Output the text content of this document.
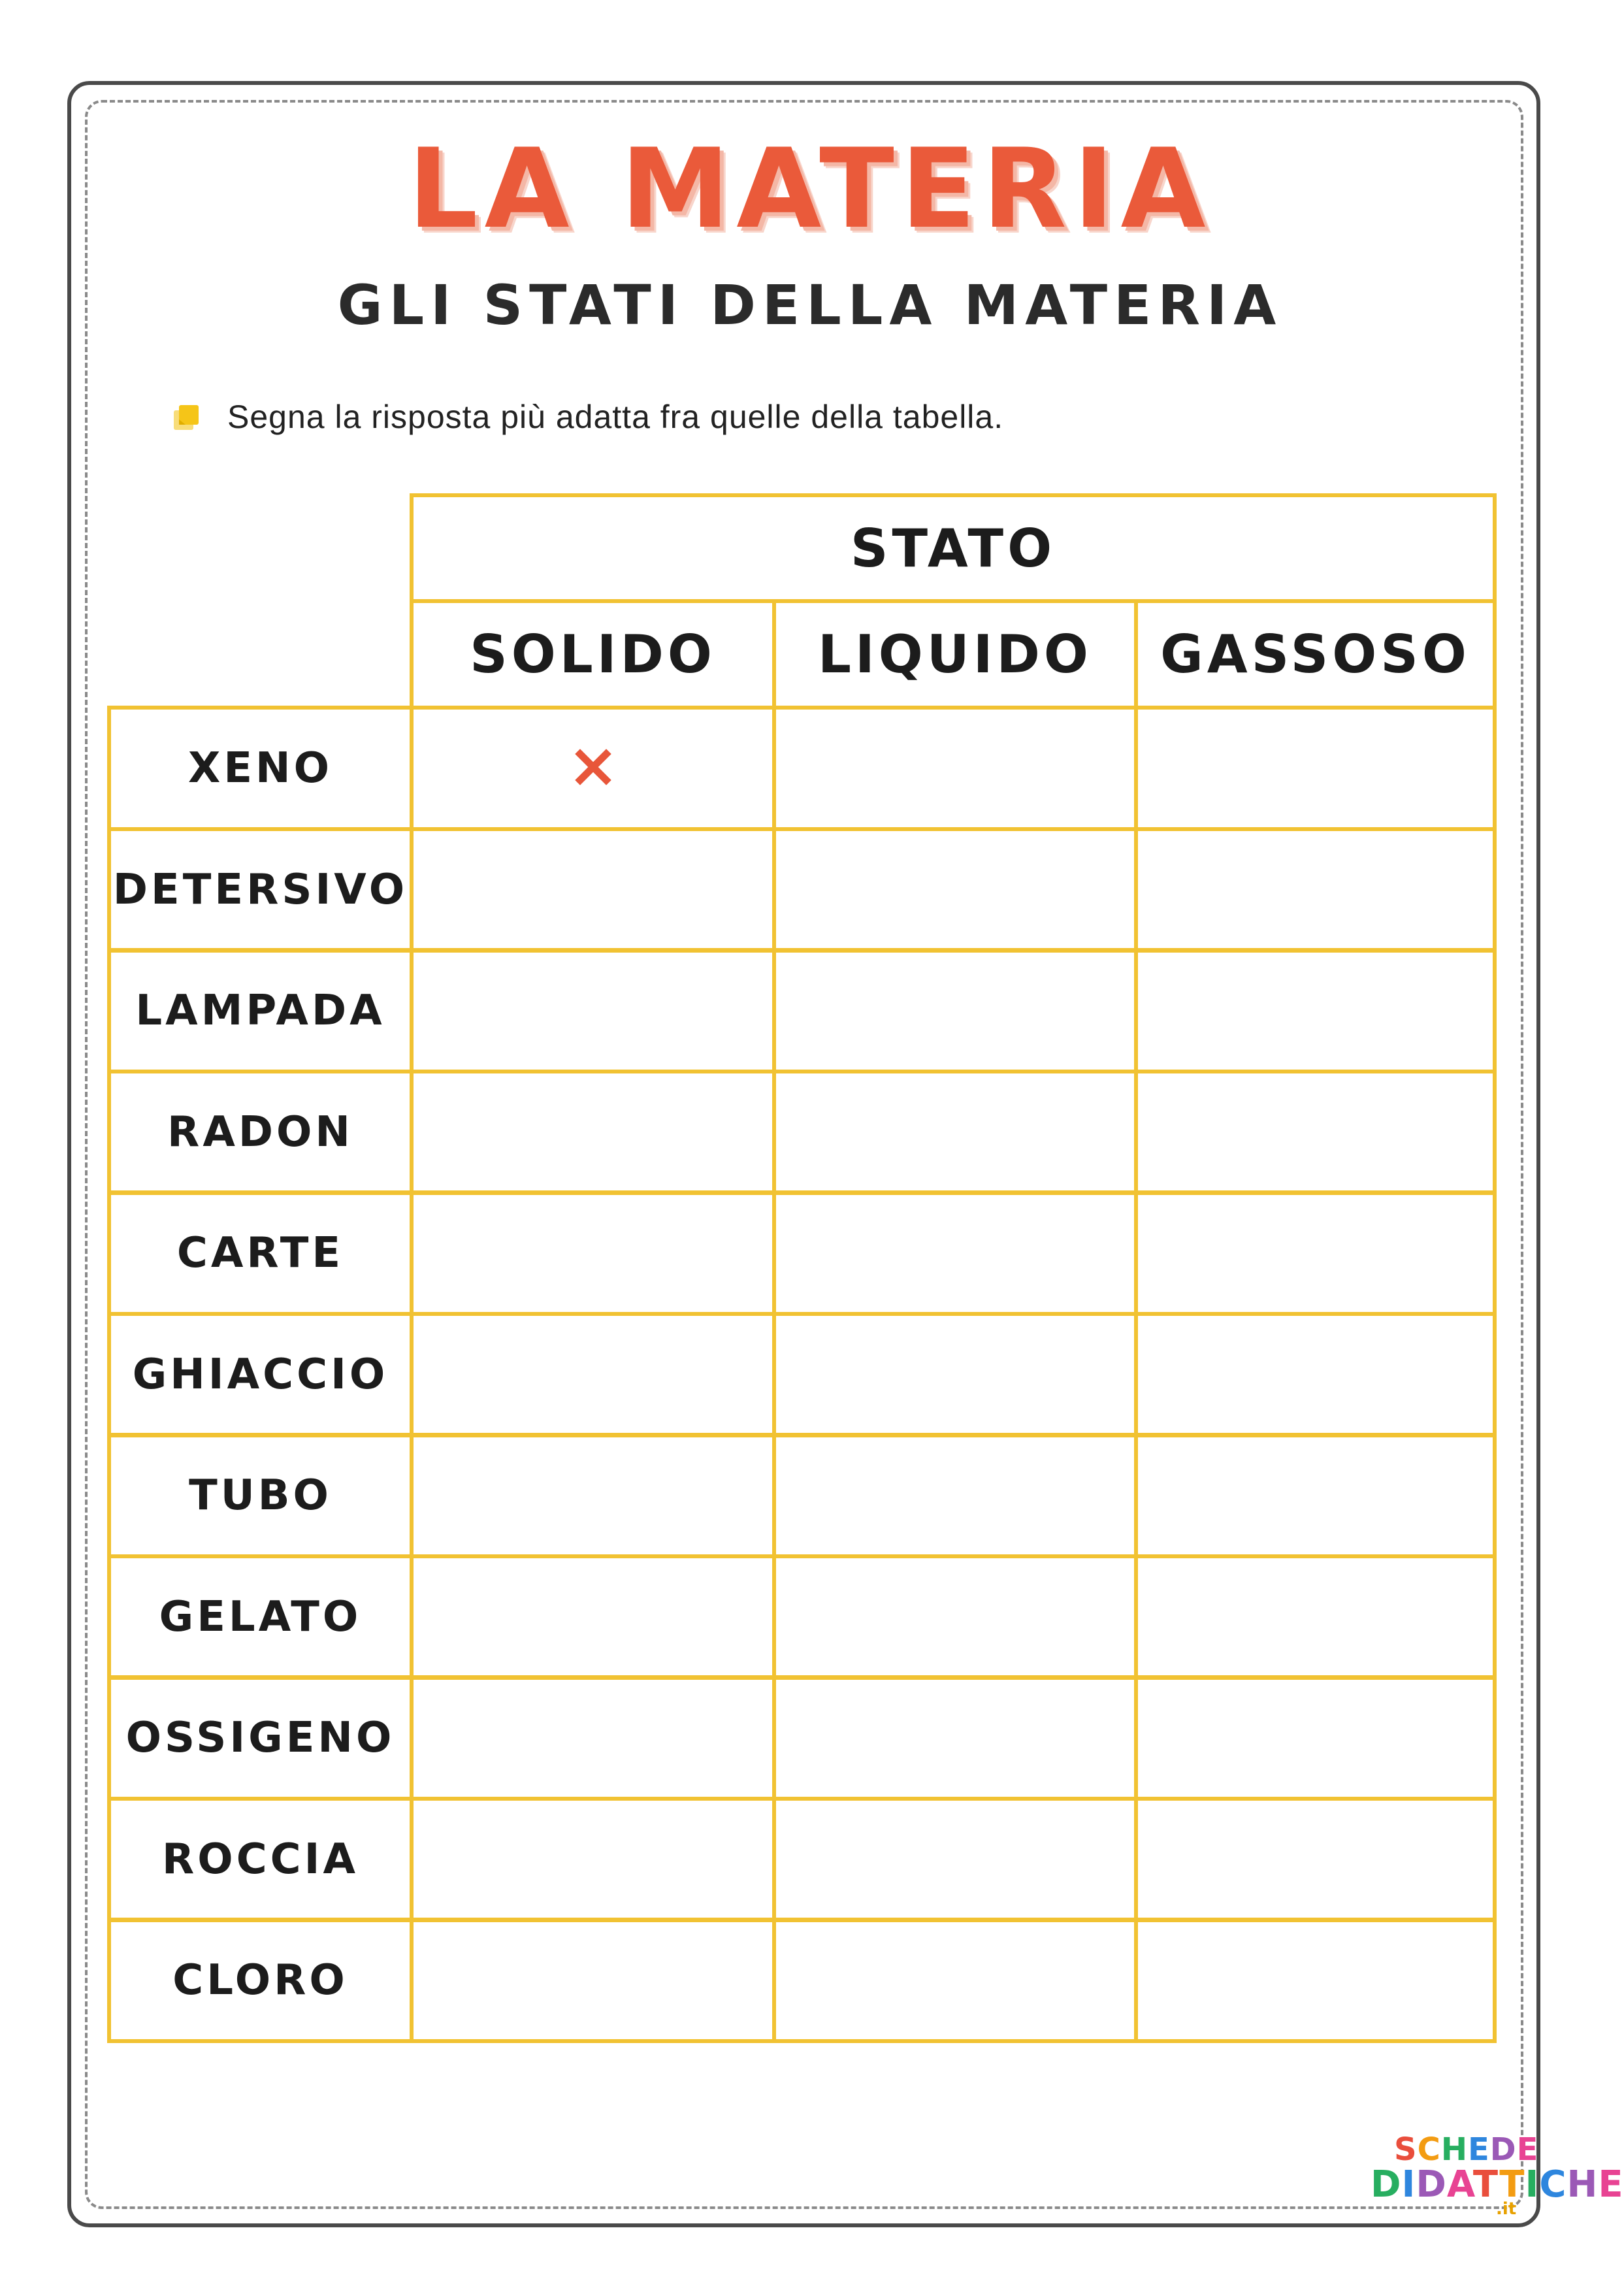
LA MATERIA
GLI STATI DELLA MATERIA
Segna la risposta più adatta fra quelle della tabella.
STATO
SOLIDO	LIQUIDO	GASSOSO
XENO
DETERSIVO
LAMPADA
RADON
CARTE
GHIACCIO
TUBO
GELATO
OSSIGENO
ROCCIA
CLORO
SCHEDE
DIDATTICHE
.it
